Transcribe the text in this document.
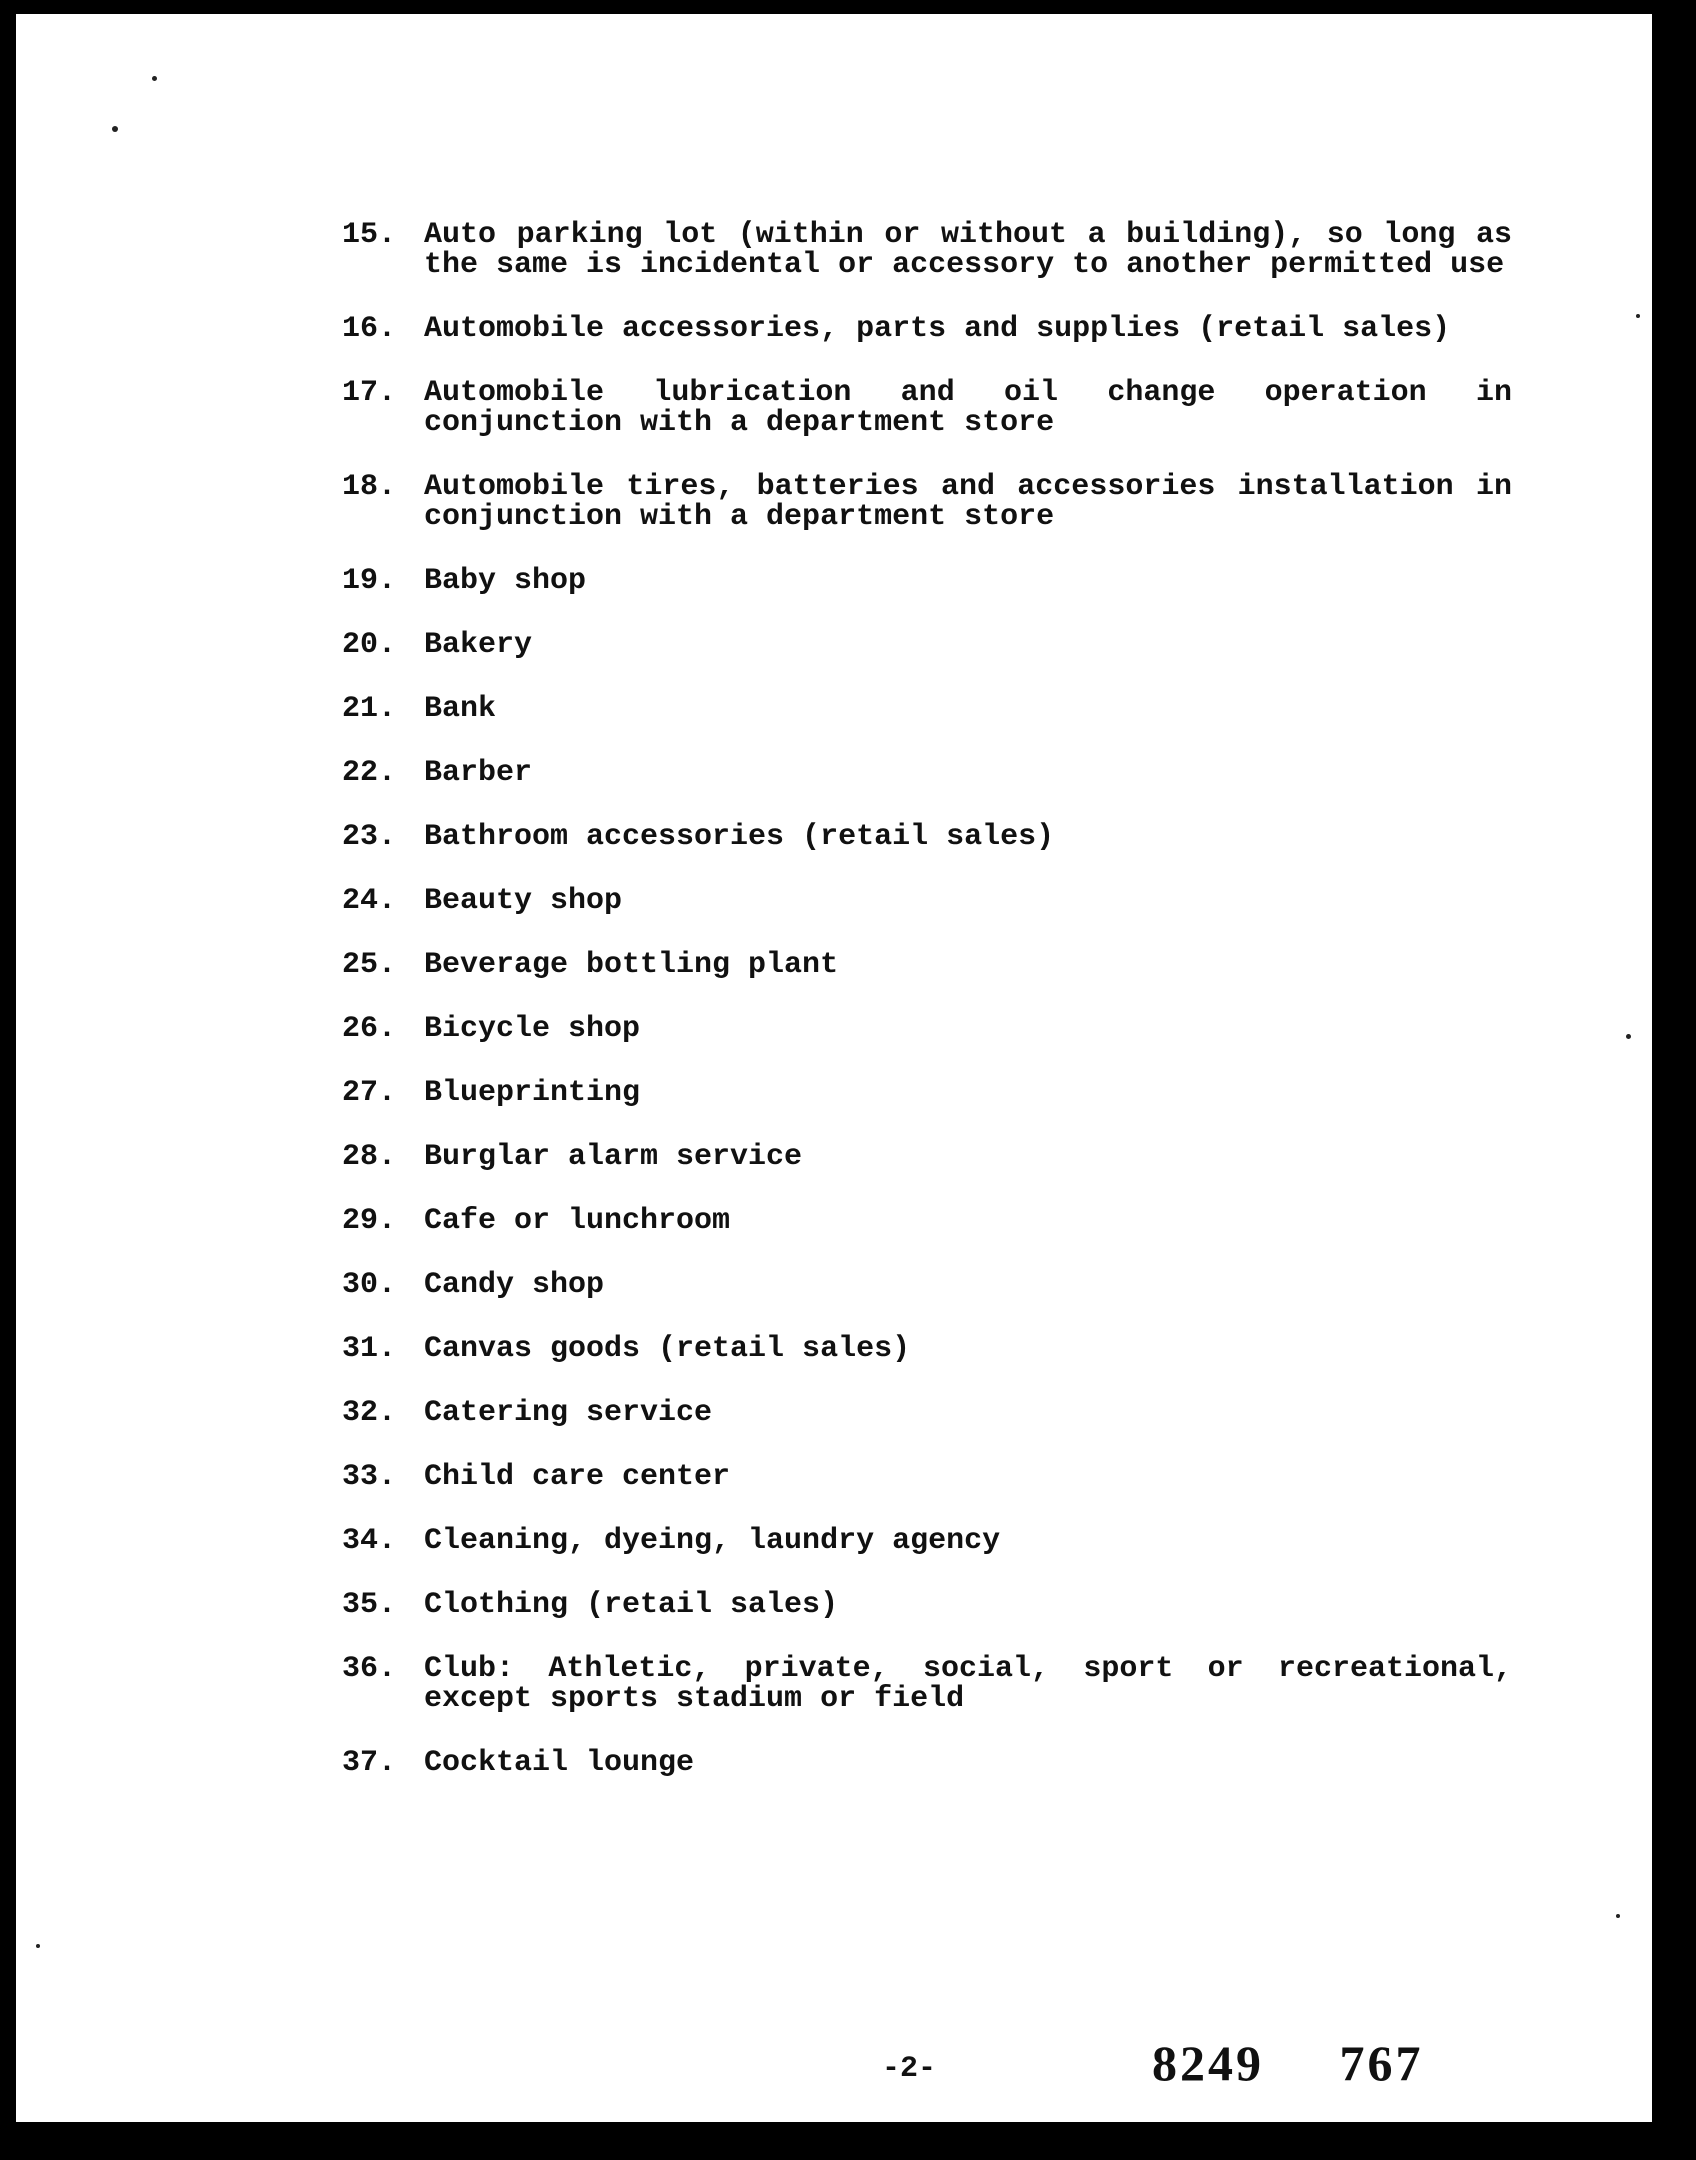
15. Auto parking lot (within or without a building), so long as the same is incidental or accessory to another permitted use
16. Automobile accessories, parts and supplies (retail sales)
17. Automobile lubrication and oil change operation in conjunction with a department store
18. Automobile tires, batteries and accessories installation in conjunction with a department store
19. Baby shop
20. Bakery
21. Bank
22. Barber
23. Bathroom accessories (retail sales)
24. Beauty shop
25. Beverage bottling plant
26. Bicycle shop
27. Blueprinting
28. Burglar alarm service
29. Cafe or lunchroom
30. Candy shop
31. Canvas goods (retail sales)
32. Catering service
33. Child care center
34. Cleaning, dyeing, laundry agency
35. Clothing (retail sales)
36. Club: Athletic, private, social, sport or recreational, except sports stadium or field
37. Cocktail lounge
-2-	8249 767
